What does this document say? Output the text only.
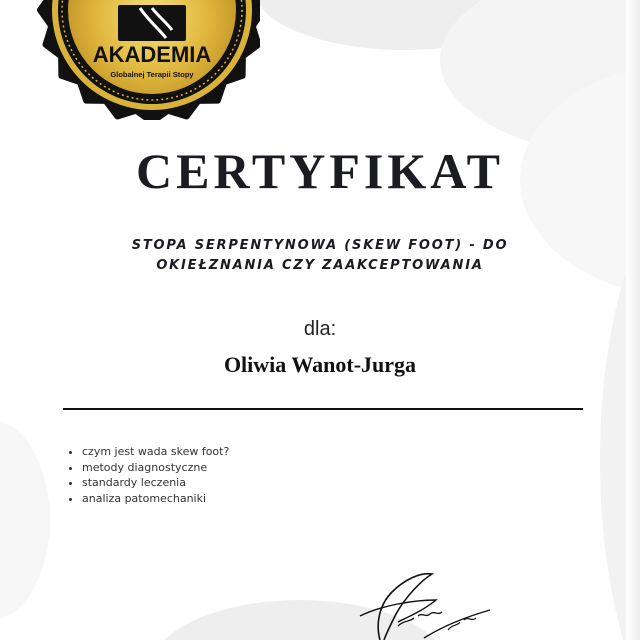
AKADEMIA
Globalnej Terapii Stopy
CERTYFIKAT
STOPA SERPENTYNOWA (SKEW FOOT) - DO
OKIEŁZNANIA CZY ZAAKCEPTOWANIA
dla:
Oliwia Wanot-Jurga
• czym jest wada skew foot?
• metody diagnostyczne
• standardy leczenia
• analiza patomechaniki
